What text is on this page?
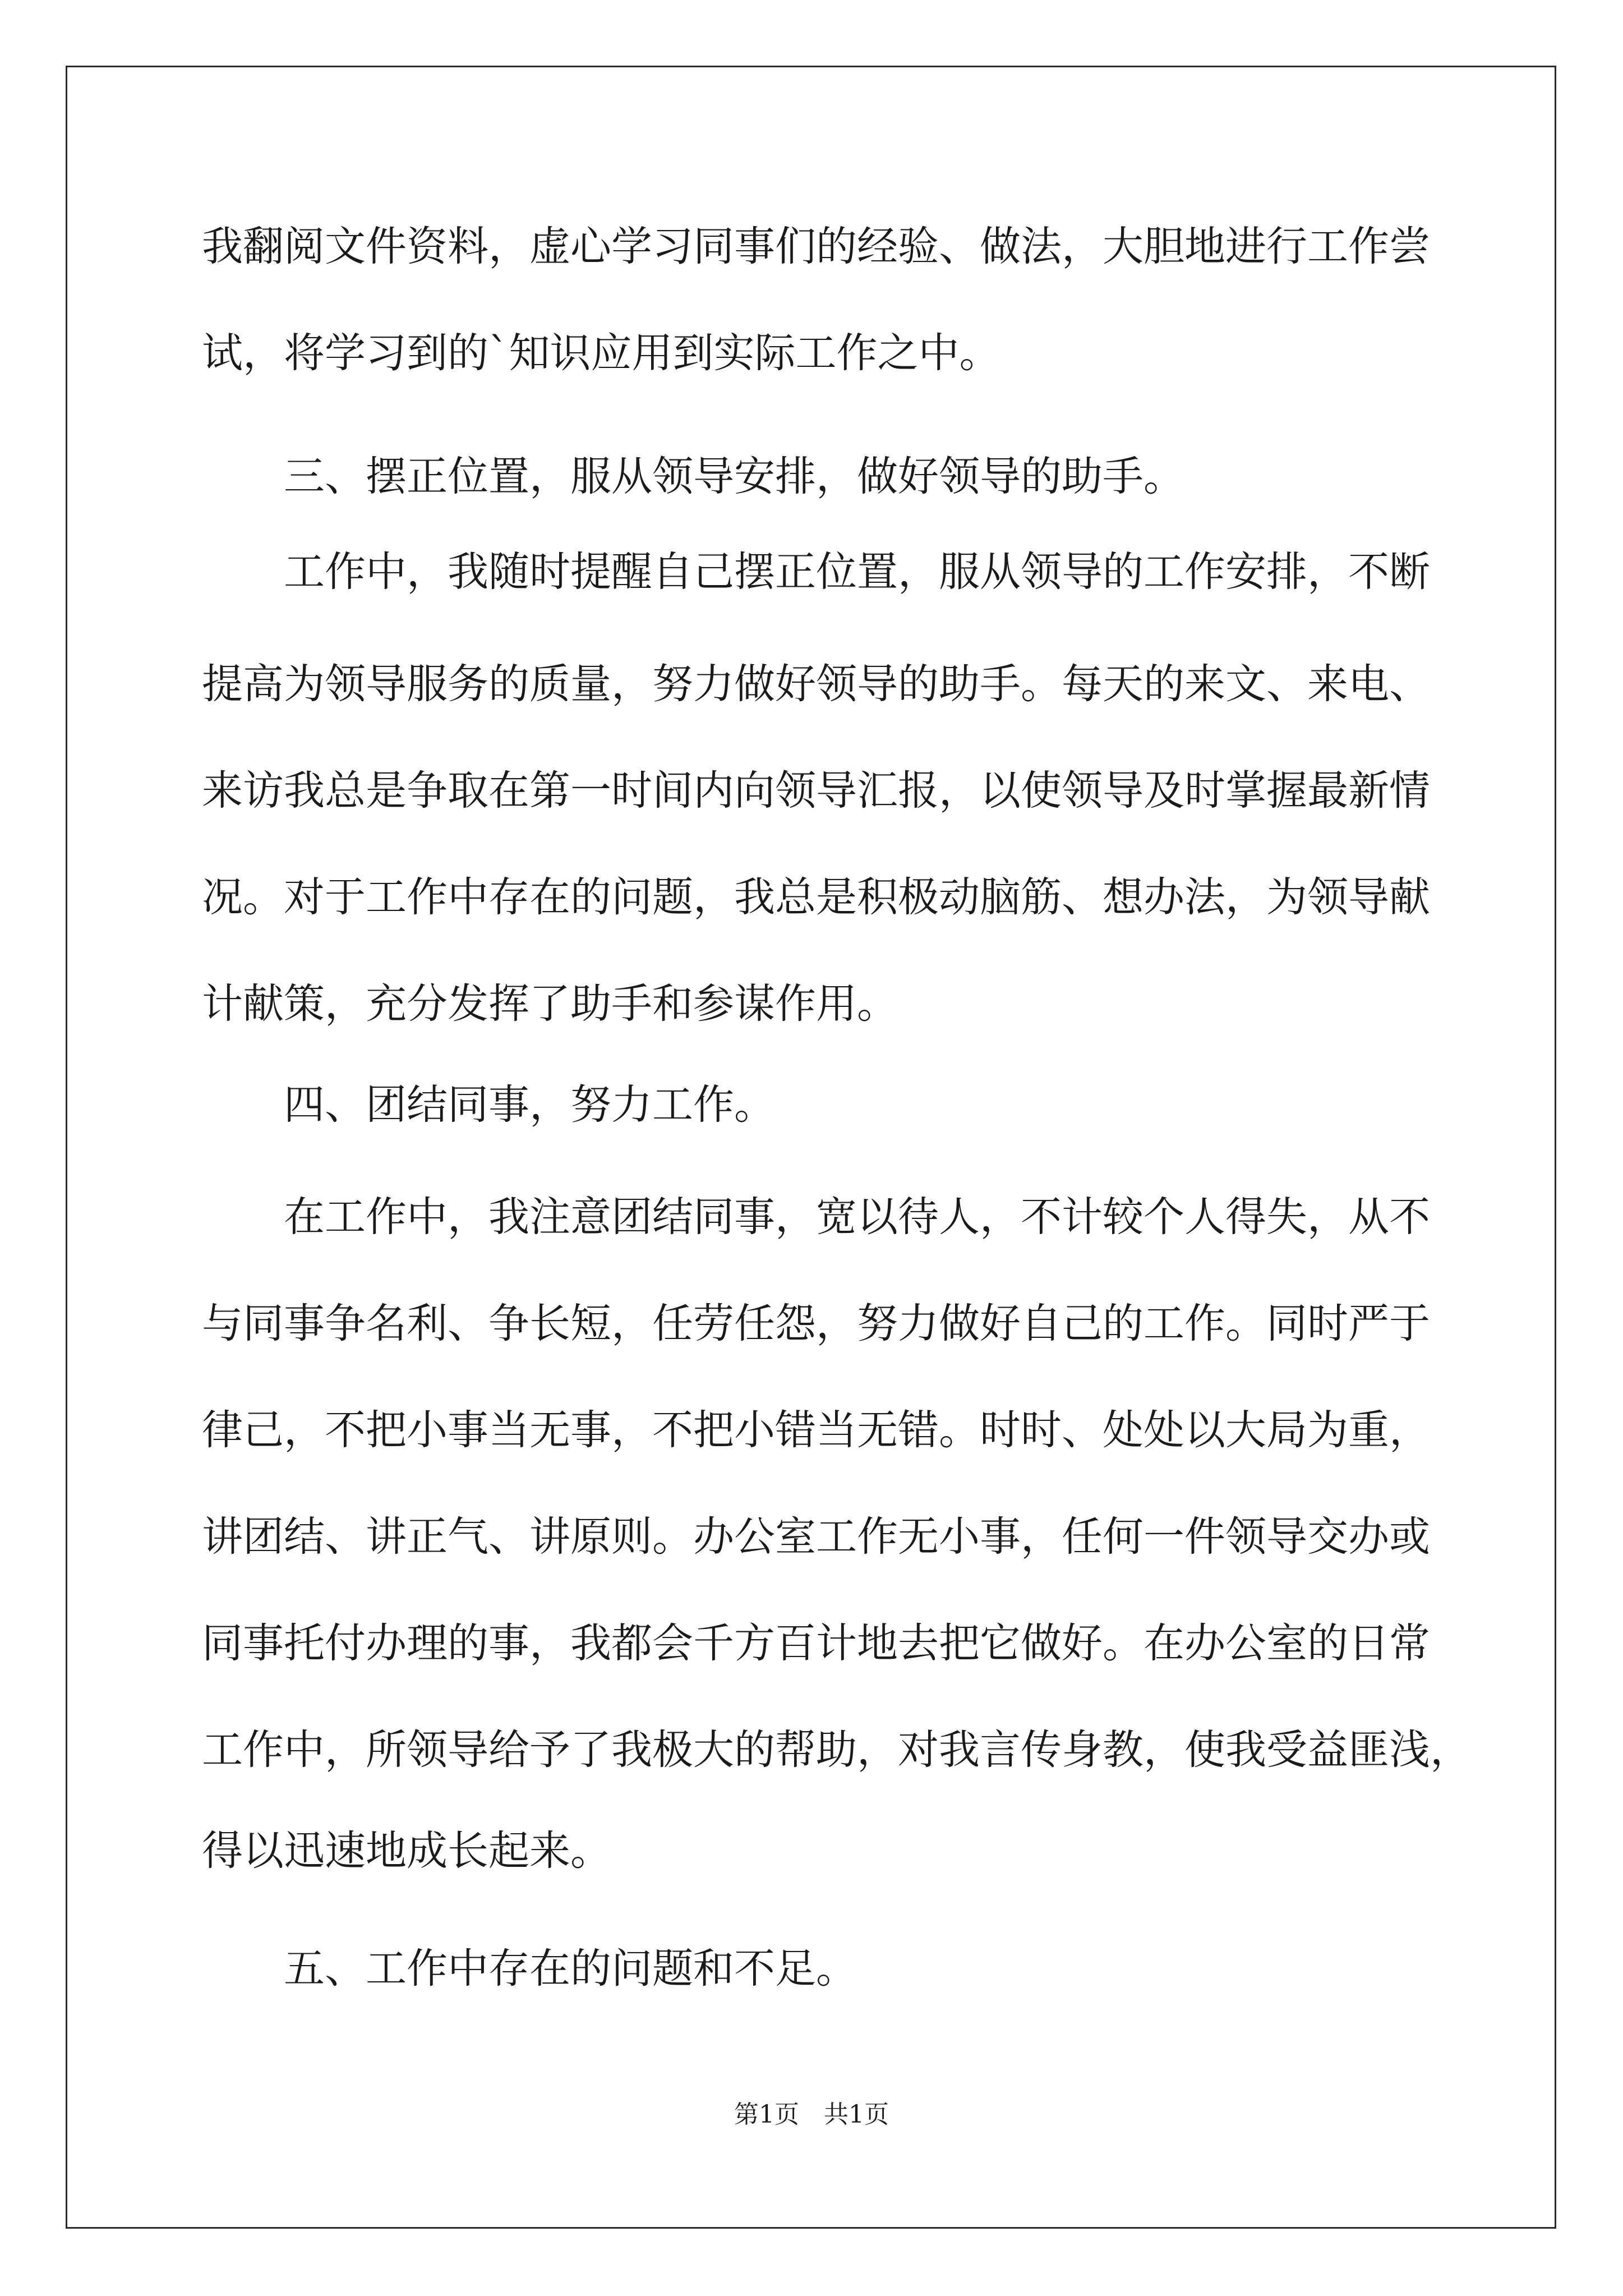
我翻阅文件资料，虚心学习同事们的经验、做法，大胆地进行工作尝
试，将学习到的`知识应用到实际工作之中。
　　三、摆正位置，服从领导安排，做好领导的助手。
　　工作中，我随时提醒自己摆正位置，服从领导的工作安排，不断
提高为领导服务的质量，努力做好领导的助手。每天的来文、来电、
来访我总是争取在第一时间内向领导汇报，以使领导及时掌握最新情
况。对于工作中存在的问题，我总是积极动脑筋、想办法，为领导献
计献策，充分发挥了助手和参谋作用。
　　四、团结同事，努力工作。
　　在工作中，我注意团结同事，宽以待人，不计较个人得失，从不
与同事争名利、争长短，任劳任怨，努力做好自己的工作。同时严于
律己，不把小事当无事，不把小错当无错。时时、处处以大局为重，
讲团结、讲正气、讲原则。办公室工作无小事，任何一件领导交办或
同事托付办理的事，我都会千方百计地去把它做好。在办公室的日常
工作中，所领导给予了我极大的帮助，对我言传身教，使我受益匪浅，
得以迅速地成长起来。
　　五、工作中存在的问题和不足。
第1页　共1页
